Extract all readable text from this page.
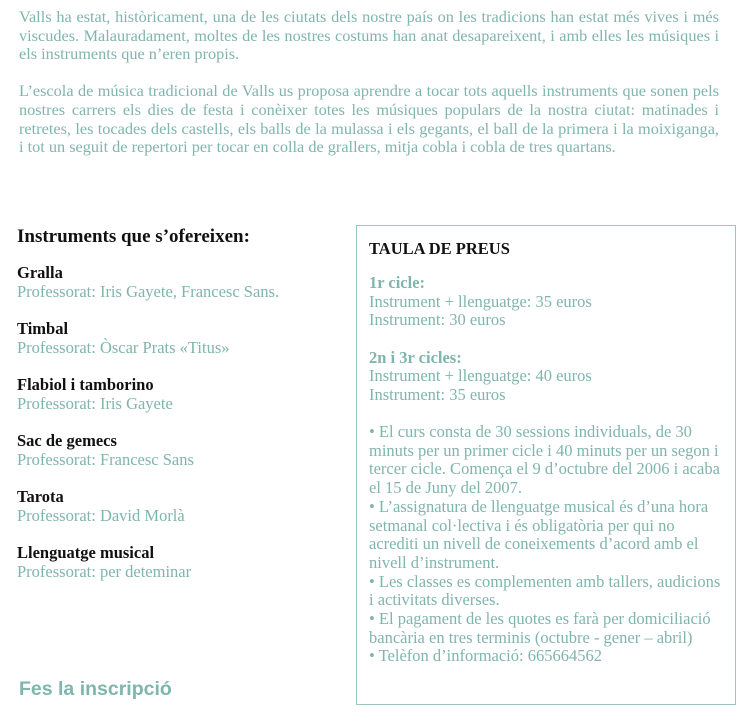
Valls ha estat, històricament, una de les ciutats dels nostre país on les tradicions han estat més vives i més viscudes. Malauradament, moltes de les nostres costums han anat desapareixent, i amb elles les músiques i els instruments que n’eren propis.

L’escola de música tradicional de Valls us proposa aprendre a tocar tots aquells instruments que sonen pels nostres carrers els dies de festa i conèixer totes les músiques populars de la nostra ciutat: matinades i retretes, les tocades dels castells, els balls de la mulassa i els gegants, el ball de la primera i la moixiganga, i tot un seguit de repertori per tocar en colla de grallers, mitja cobla i cobla de tres quartans.

Instruments que s’ofereixen:
Gralla
Professorat: Iris Gayete, Francesc Sans.
Timbal
Professorat: Òscar Prats «Titus»
Flabiol i tamborino
Professorat: Iris Gayete
Sac de gemecs
Professorat: Francesc Sans
Tarota
Professorat: David Morlà
Llenguatge musical
Professorat: per deteminar
Fes la inscripció
TAULA DE PREUS
1r cicle:
Instrument + llenguatge: 35 euros
Instrument: 30 euros
2n i 3r cicles:
Instrument + llenguatge: 40 euros
Instrument: 35 euros

• El curs consta de 30 sessions individuals, de 30 minuts per un primer cicle i 40 minuts per un segon i tercer cicle. Comença el 9 d’octubre del 2006 i acaba el 15 de Juny del 2007.

• L’assignatura de llenguatge musical és d’una hora setmanal col·lectiva i és obligatòria per qui no acrediti un nivell de coneixements d’acord amb el nivell d’instrument.

• Les classes es complementen amb tallers, audicions i activitats diverses.

• El pagament de les quotes es farà per domiciliació bancària en tres terminis (octubre - gener – abril)

• Telèfon d’informació: 665664562
